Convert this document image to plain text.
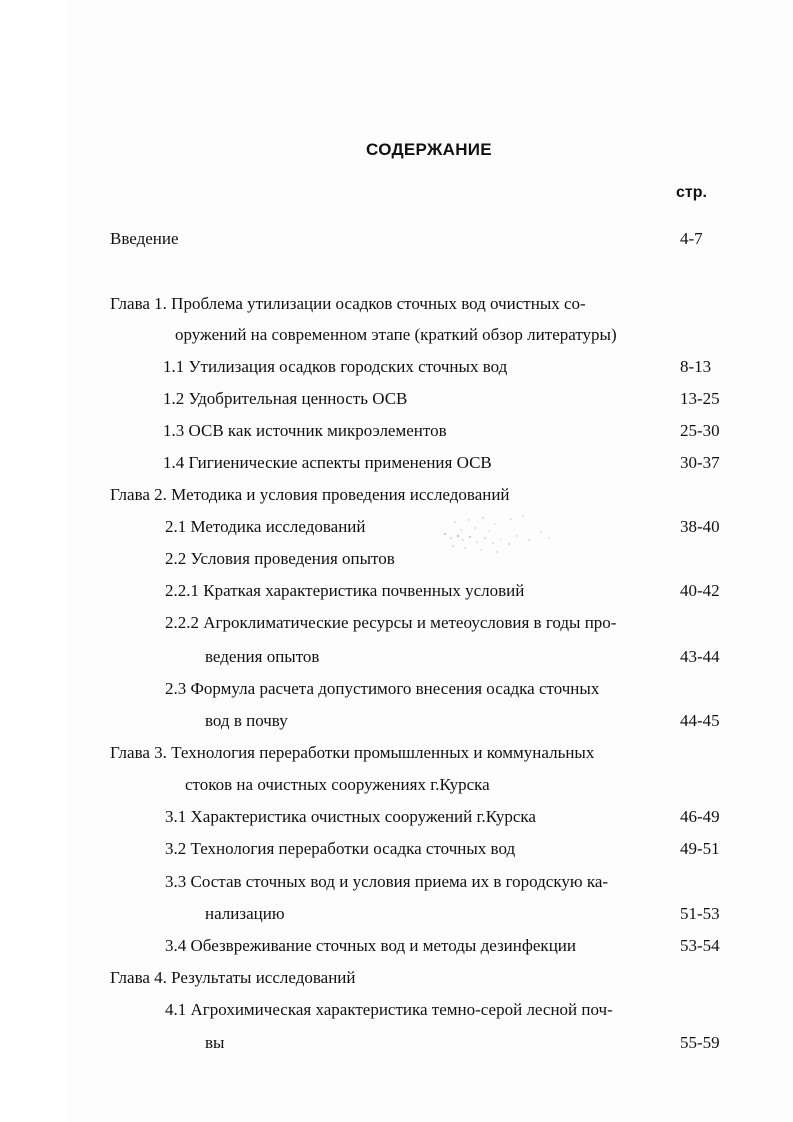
СОДЕРЖАНИЕ
стр.
Введение	4-7
Глава 1. Проблема утилизации осадков сточных вод очистных со-
оружений на современном этапе (краткий обзор литературы)
1.1 Утилизация осадков городских сточных вод	8-13
1.2 Удобрительная ценность ОСВ	13-25
1.3 ОСВ как источник микроэлементов	25-30
1.4 Гигиенические аспекты применения ОСВ	30-37
Глава 2. Методика и условия проведения исследований
2.1 Методика исследований	38-40
2.2 Условия проведения опытов
2.2.1 Краткая характеристика почвенных условий	40-42
2.2.2 Агроклиматические ресурсы и метеоусловия в годы про-
ведения опытов	43-44
2.3 Формула расчета допустимого внесения осадка сточных
вод в почву	44-45
Глава 3. Технология переработки промышленных и коммунальных
стоков на очистных сооружениях г.Курска
3.1 Характеристика очистных сооружений г.Курска	46-49
3.2 Технология переработки осадка сточных вод	49-51
3.3 Состав сточных вод и условия приема их в городскую ка-
нализацию	51-53
3.4 Обезвреживание сточных вод и методы дезинфекции	53-54
Глава 4. Результаты исследований
4.1 Агрохимическая характеристика темно-серой лесной поч-
вы	55-59
